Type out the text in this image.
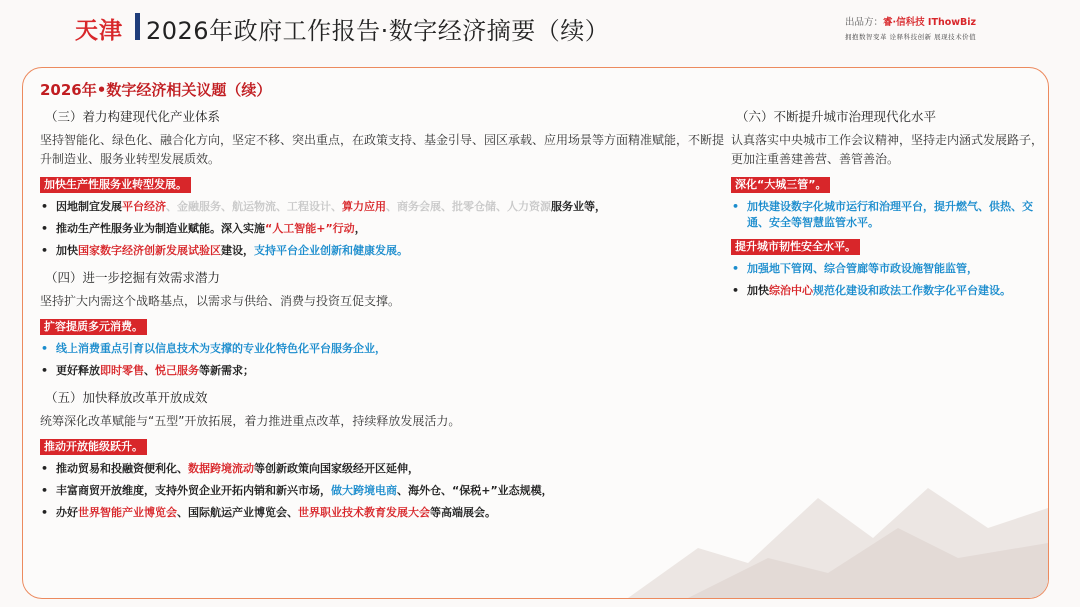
天津 2026年政府工作报告·数字经济摘要（续）	出品方：睿·信科技 IThowBiz
拥抱数智变革 诠释科技创新 展现技术价值
2026年•数字经济相关议题（续）
（三）着力构建现代化产业体系
坚持智能化、绿色化、融合化方向，坚定不移、突出重点，在政策支持、基金引导、园区承载、应用场景等方面精准赋能，不断提升制造业、服务业转型发展质效。
加快生产性服务业转型发展。
• 因地制宜发展平台经济、金融服务、航运物流、工程设计、算力应用、商务会展、批零仓储、人力资源服务业等，
• 推动生产性服务业为制造业赋能。深入实施“人工智能+”行动，
• 加快国家数字经济创新发展试验区建设，支持平台企业创新和健康发展。
（四）进一步挖掘有效需求潜力
坚持扩大内需这个战略基点，以需求与供给、消费与投资互促支撑。
扩容提质多元消费。
• 线上消费重点引育以信息技术为支撑的专业化特色化平台服务企业，
• 更好释放即时零售、悦己服务等新需求；
（五）加快释放改革开放成效
统筹深化改革赋能与“五型”开放拓展，着力推进重点改革，持续释放发展活力。
推动开放能级跃升。
• 推动贸易和投融资便利化、数据跨境流动等创新政策向国家级经开区延伸，
• 丰富商贸开放维度，支持外贸企业开拓内销和新兴市场，做大跨境电商、海外仓、“保税+”业态规模，
• 办好世界智能产业博览会、国际航运产业博览会、世界职业技术教育发展大会等高端展会。
（六）不断提升城市治理现代化水平
认真落实中央城市工作会议精神，坚持走内涵式发展路子，更加注重善建善营、善管善治。
深化“大城三管”。
• 加快建设数字化城市运行和治理平台，提升燃气、供热、交通、安全等智慧监管水平。
提升城市韧性安全水平。
• 加强地下管网、综合管廊等市政设施智能监管，
• 加快综治中心规范化建设和政法工作数字化平台建设。
